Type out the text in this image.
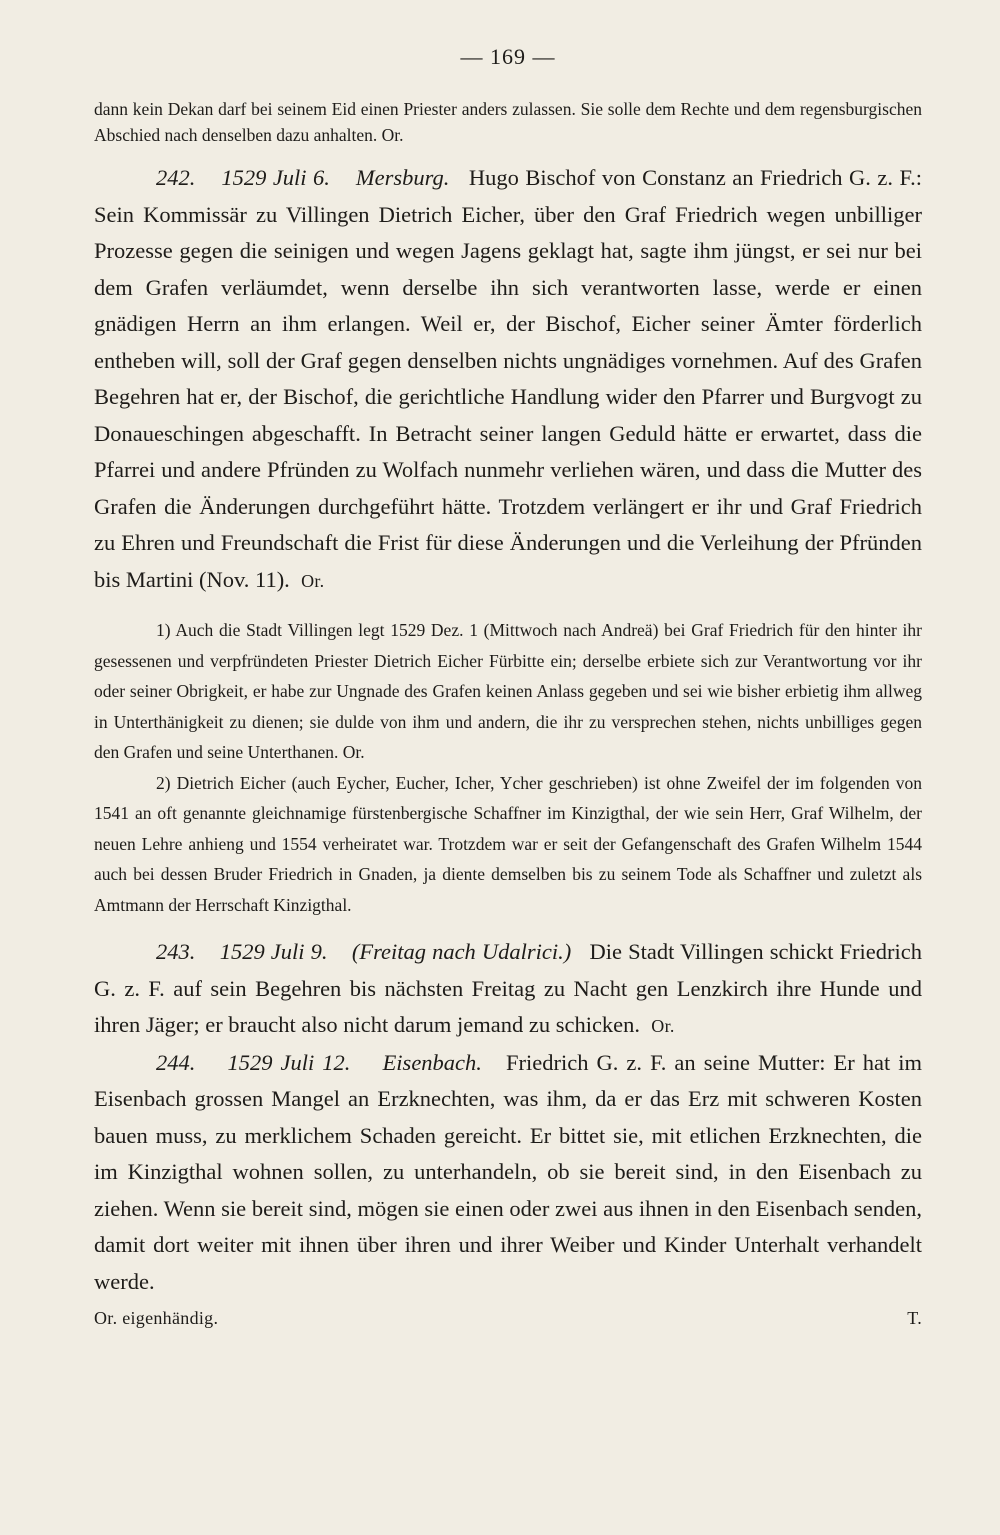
— 169 —

dann kein Dekan darf bei seinem Eid einen Priester anders zulassen. Sie solle dem Rechte und dem regensburgischen Abschied nach denselben dazu anhalten. Or.

242. 1529 Juli 6. Mersburg. Hugo Bischof von Constanz an Friedrich G. z. F.: Sein Kommissär zu Villingen Dietrich Eicher, über den Graf Friedrich wegen unbilliger Prozesse gegen die seinigen und wegen Jagens geklagt hat, sagte ihm jüngst, er sei nur bei dem Grafen verläumdet, wenn derselbe ihn sich verantworten lasse, werde er einen gnädigen Herrn an ihm erlangen. Weil er, der Bischof, Eicher seiner Ämter förderlich entheben will, soll der Graf gegen denselben nichts ungnädiges vornehmen. Auf des Grafen Begehren hat er, der Bischof, die gerichtliche Handlung wider den Pfarrer und Burgvogt zu Donaueschingen abgeschafft. In Betracht seiner langen Geduld hätte er erwartet, dass die Pfarrei und andere Pfründen zu Wolfach nunmehr verliehen wären, und dass die Mutter des Grafen die Änderungen durchgeführt hätte. Trotzdem verlängert er ihr und Graf Friedrich zu Ehren und Freundschaft die Frist für diese Änderungen und die Verleihung der Pfründen bis Martini (Nov. 11). Or.

1) Auch die Stadt Villingen legt 1529 Dez. 1 (Mittwoch nach Andreä) bei Graf Friedrich für den hinter ihr gesessenen und verpfründeten Priester Dietrich Eicher Fürbitte ein; derselbe erbiete sich zur Verantwortung vor ihr oder seiner Obrigkeit, er habe zur Ungnade des Grafen keinen Anlass gegeben und sei wie bisher erbietig ihm allweg in Unterthänigkeit zu dienen; sie dulde von ihm und andern, die ihr zu versprechen stehen, nichts unbilliges gegen den Grafen und seine Unterthanen. Or.

2) Dietrich Eicher (auch Eycher, Eucher, Icher, Ycher geschrieben) ist ohne Zweifel der im folgenden von 1541 an oft genannte gleichnamige fürstenbergische Schaffner im Kinzigthal, der wie sein Herr, Graf Wilhelm, der neuen Lehre anhieng und 1554 verheiratet war. Trotzdem war er seit der Gefangenschaft des Grafen Wilhelm 1544 auch bei dessen Bruder Friedrich in Gnaden, ja diente demselben bis zu seinem Tode als Schaffner und zuletzt als Amtmann der Herrschaft Kinzigthal.

243. 1529 Juli 9. (Freitag nach Udalrici.) Die Stadt Villingen schickt Friedrich G. z. F. auf sein Begehren bis nächsten Freitag zu Nacht gen Lenzkirch ihre Hunde und ihren Jäger; er braucht also nicht darum jemand zu schicken. Or.

244. 1529 Juli 12. Eisenbach. Friedrich G. z. F. an seine Mutter: Er hat im Eisenbach grossen Mangel an Erzknechten, was ihm, da er das Erz mit schweren Kosten bauen muss, zu merklichem Schaden gereicht. Er bittet sie, mit etlichen Erzknechten, die im Kinzigthal wohnen sollen, zu unterhandeln, ob sie bereit sind, in den Eisenbach zu ziehen. Wenn sie bereit sind, mögen sie einen oder zwei aus ihnen in den Eisenbach senden, damit dort weiter mit ihnen über ihren und ihrer Weiber und Kinder Unterhalt verhandelt werde.

Or. eigenhändig.	T.
